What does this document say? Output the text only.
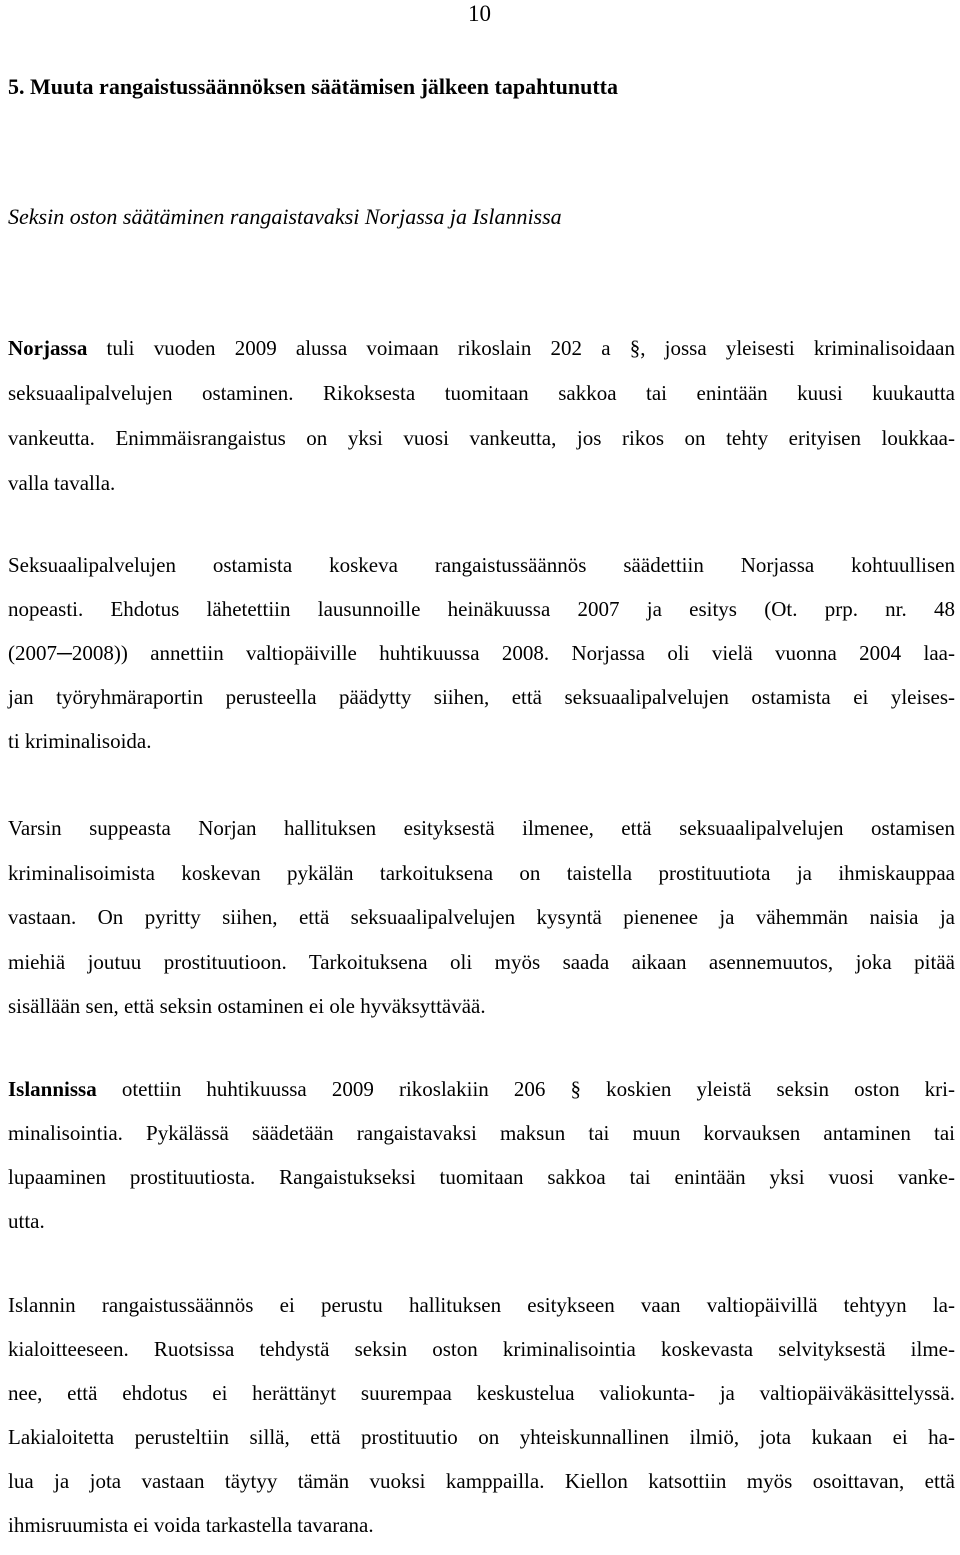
10
5. Muuta rangaistussäännöksen säätämisen jälkeen tapahtunutta
Seksin oston säätäminen rangaistavaksi Norjassa ja Islannissa
Norjassa tuli vuoden 2009 alussa voimaan rikoslain 202 a §, jossa yleisesti kriminalisoidaan
seksuaalipalvelujen ostaminen. Rikoksesta tuomitaan sakkoa tai enintään kuusi kuukautta
vankeutta. Enimmäisrangaistus on yksi vuosi vankeutta, jos rikos on tehty erityisen loukkaa-
valla tavalla.
Seksuaalipalvelujen ostamista koskeva rangaistussäännös säädettiin Norjassa kohtuullisen
nopeasti. Ehdotus lähetettiin lausunnoille heinäkuussa 2007 ja esitys (Ot. prp. nr. 48
(2007─2008)) annettiin valtiopäiville huhtikuussa 2008. Norjassa oli vielä vuonna 2004 laa-
jan työryhmäraportin perusteella päädytty siihen, että seksuaalipalvelujen ostamista ei yleises-
ti kriminalisoida.
Varsin suppeasta Norjan hallituksen esityksestä ilmenee, että seksuaalipalvelujen ostamisen
kriminalisoimista koskevan pykälän tarkoituksena on taistella prostituutiota ja ihmiskauppaa
vastaan. On pyritty siihen, että seksuaalipalvelujen kysyntä pienenee ja vähemmän naisia ja
miehiä joutuu prostituutioon. Tarkoituksena oli myös saada aikaan asennemuutos, joka pitää
sisällään sen, että seksin ostaminen ei ole hyväksyttävää.
Islannissa otettiin huhtikuussa 2009 rikoslakiin 206 § koskien yleistä seksin oston kri-
minalisointia. Pykälässä säädetään rangaistavaksi maksun tai muun korvauksen antaminen tai
lupaaminen prostituutiosta. Rangaistukseksi tuomitaan sakkoa tai enintään yksi vuosi vanke-
utta.
Islannin rangaistussäännös ei perustu hallituksen esitykseen vaan valtiopäivillä tehtyyn la-
kialoitteeseen. Ruotsissa tehdystä seksin oston kriminalisointia koskevasta selvityksestä ilme-
nee, että ehdotus ei herättänyt suurempaa keskustelua valiokunta- ja valtiopäiväkäsittelyssä.
Lakialoitetta perusteltiin sillä, että prostituutio on yhteiskunnallinen ilmiö, jota kukaan ei ha-
lua ja jota vastaan täytyy tämän vuoksi kamppailla. Kiellon katsottiin myös osoittavan, että
ihmisruumista ei voida tarkastella tavarana.
